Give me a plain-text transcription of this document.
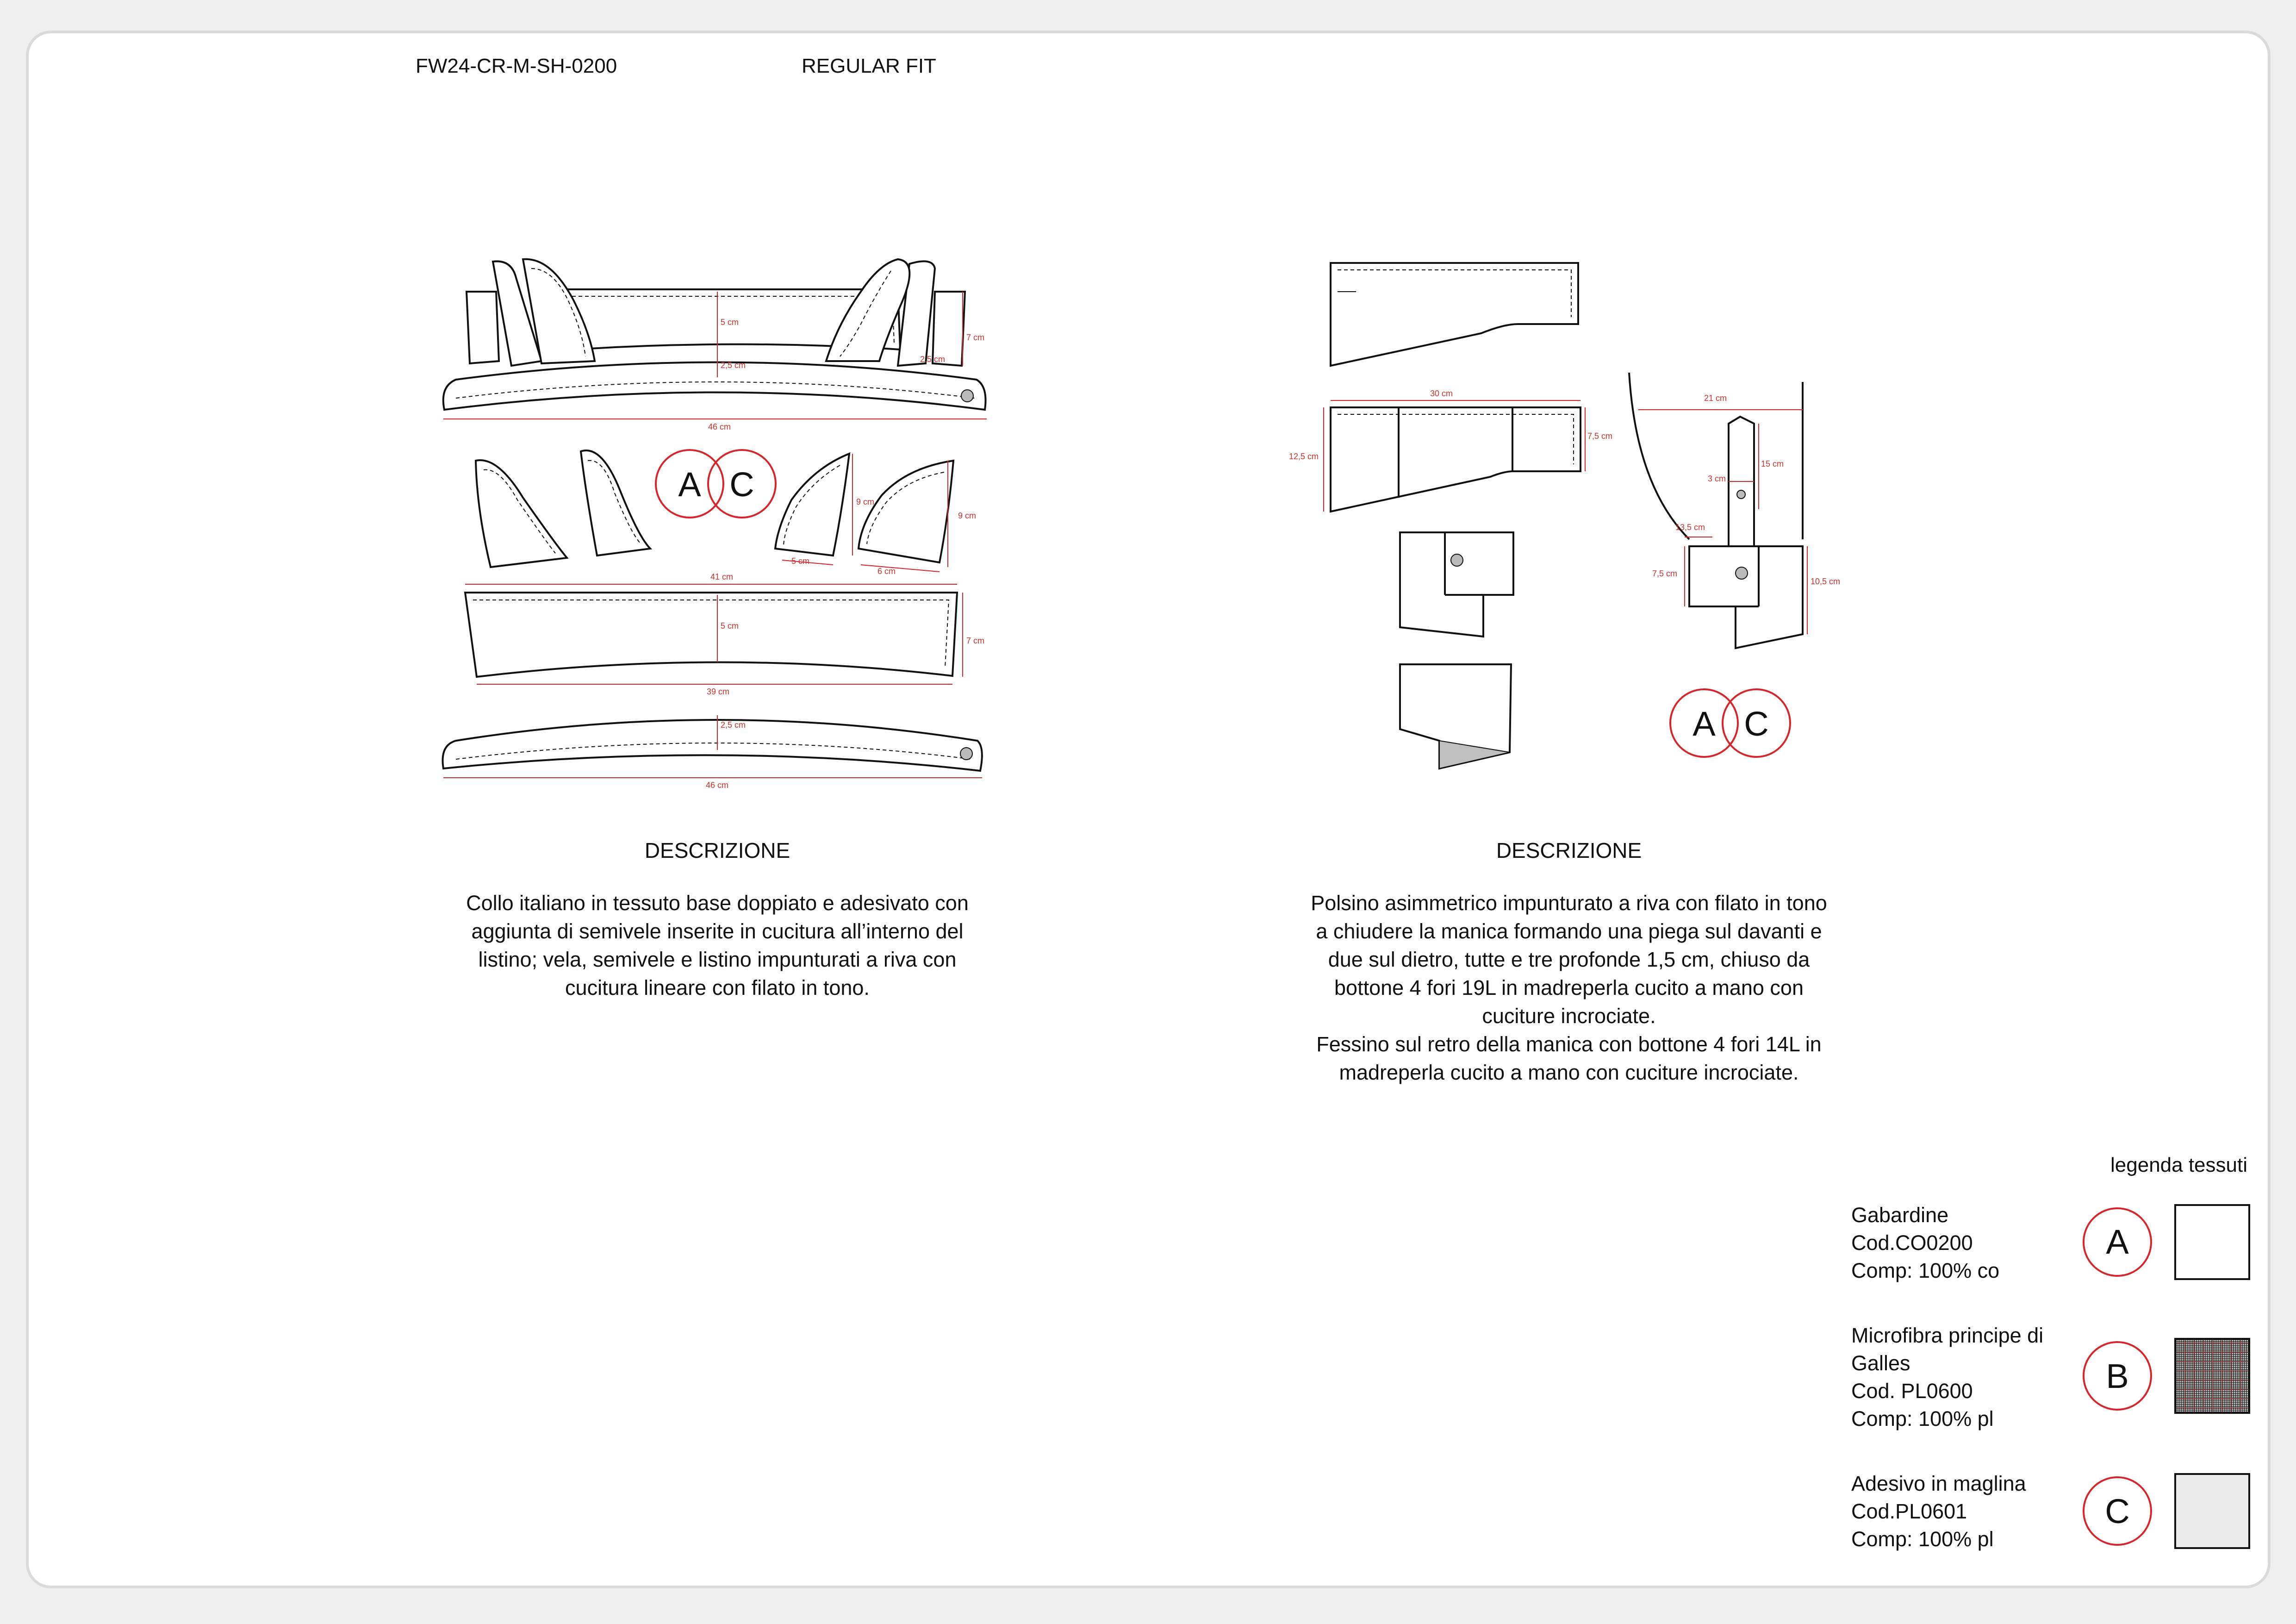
FW24-CR-M-SH-0200	REGULAR FIT
5 cm
2,5 cm
7 cm
2,5 cm
46 cm
9 cm
9 cm
5 cm
6 cm
A C
41 cm
5 cm
7 cm
39 cm
2,5 cm
46 cm
30 cm
12,5 cm
7,5 cm
21 cm
15 cm
3 cm
13,5 cm
7,5 cm
10,5 cm
A C
A
B
C
DESCRIZIONE
Collo italiano in tessuto base doppiato e adesivato con
aggiunta di semivele inserite in cucitura all’interno del
listino; vela, semivele e listino impunturati a riva con
cucitura lineare con filato in tono.
DESCRIZIONE
Polsino asimmetrico impunturato a riva con filato in tono
a chiudere la manica formando una piega sul davanti e
due sul dietro, tutte e tre profonde 1,5 cm, chiuso da
bottone 4 fori 19L in madreperla cucito a mano con
cuciture incrociate.
Fessino sul retro della manica con bottone 4 fori 14L in
madreperla cucito a mano con cuciture incrociate.
legenda tessuti
Gabardine
Cod.CO0200
Comp: 100% co
Microfibra principe di
Galles
Cod. PL0600
Comp: 100% pl
Adesivo in maglina
Cod.PL0601
Comp: 100% pl
